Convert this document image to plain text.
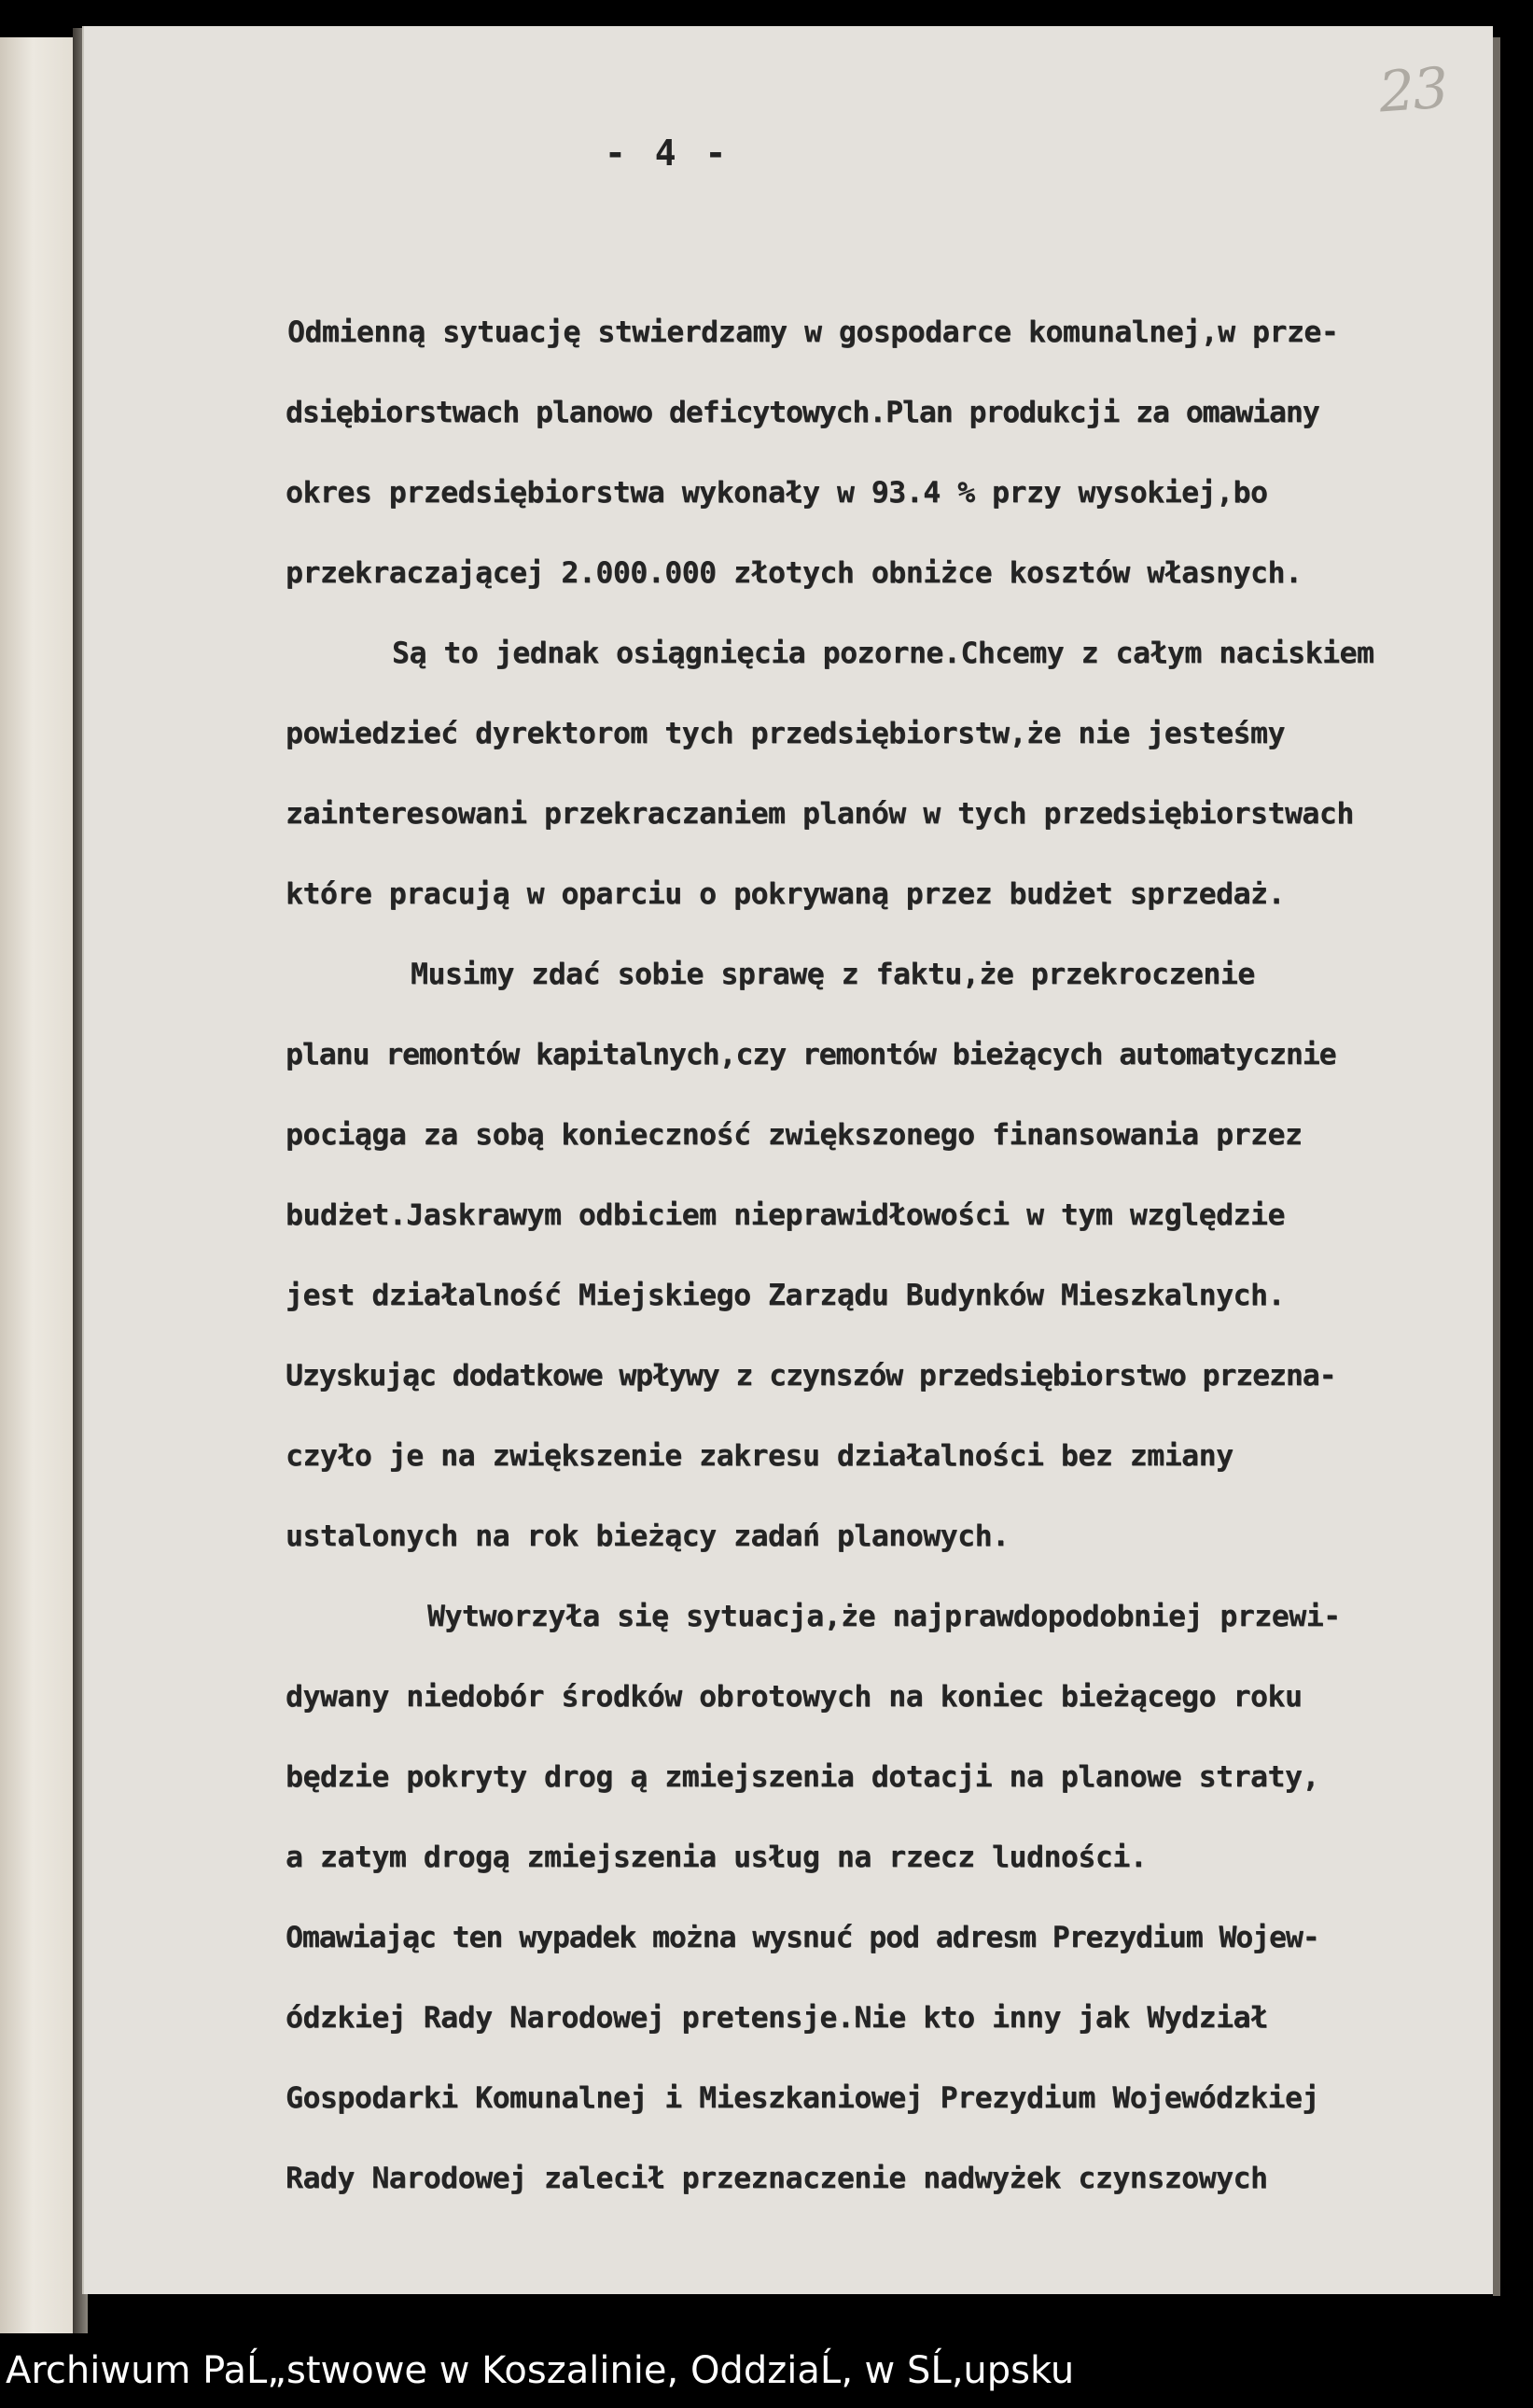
23
- 4 -
Odmienną sytuację stwierdzamy w gospodarce komunalnej,w prze-
dsiębiorstwach planowo deficytowych.Plan produkcji za omawiany
okres przedsiębiorstwa wykonały w 93.4 % przy wysokiej,bo
przekraczającej 2.000.000 złotych obniżce kosztów własnych.
Są to jednak osiągnięcia pozorne.Chcemy z całym naciskiem
powiedzieć dyrektorom tych przedsiębiorstw,że nie jesteśmy
zainteresowani przekraczaniem planów w tych przedsiębiorstwach
które pracują w oparciu o pokrywaną przez budżet sprzedaż.
Musimy zdać sobie sprawę z faktu,że przekroczenie
planu remontów kapitalnych,czy remontów bieżących automatycznie
pociąga za sobą konieczność zwiększonego finansowania przez
budżet.Jaskrawym odbiciem nieprawidłowości w tym względzie
jest działalność Miejskiego Zarządu Budynków Mieszkalnych.
Uzyskując dodatkowe wpływy z czynszów przedsiębiorstwo przezna-
czyło je na zwiększenie zakresu działalności bez zmiany
ustalonych na rok bieżący zadań planowych.
Wytworzyła się sytuacja,że najprawdopodobniej przewi-
dywany niedobór środków obrotowych na koniec bieżącego roku
będzie pokryty drog ą zmiejszenia dotacji na planowe straty,
a zatym drogą zmiejszenia usług na rzecz ludności.
Omawiając ten wypadek można wysnuć pod adresm Prezydium Wojew-
ódzkiej Rady Narodowej pretensje.Nie kto inny jak Wydział
Gospodarki Komunalnej i Mieszkaniowej Prezydium Wojewódzkiej
Rady Narodowej zalecił przeznaczenie nadwyżek czynszowych
Archiwum PaĹ„stwowe w Koszalinie, OddziaĹ‚ w SĹ‚upsku
